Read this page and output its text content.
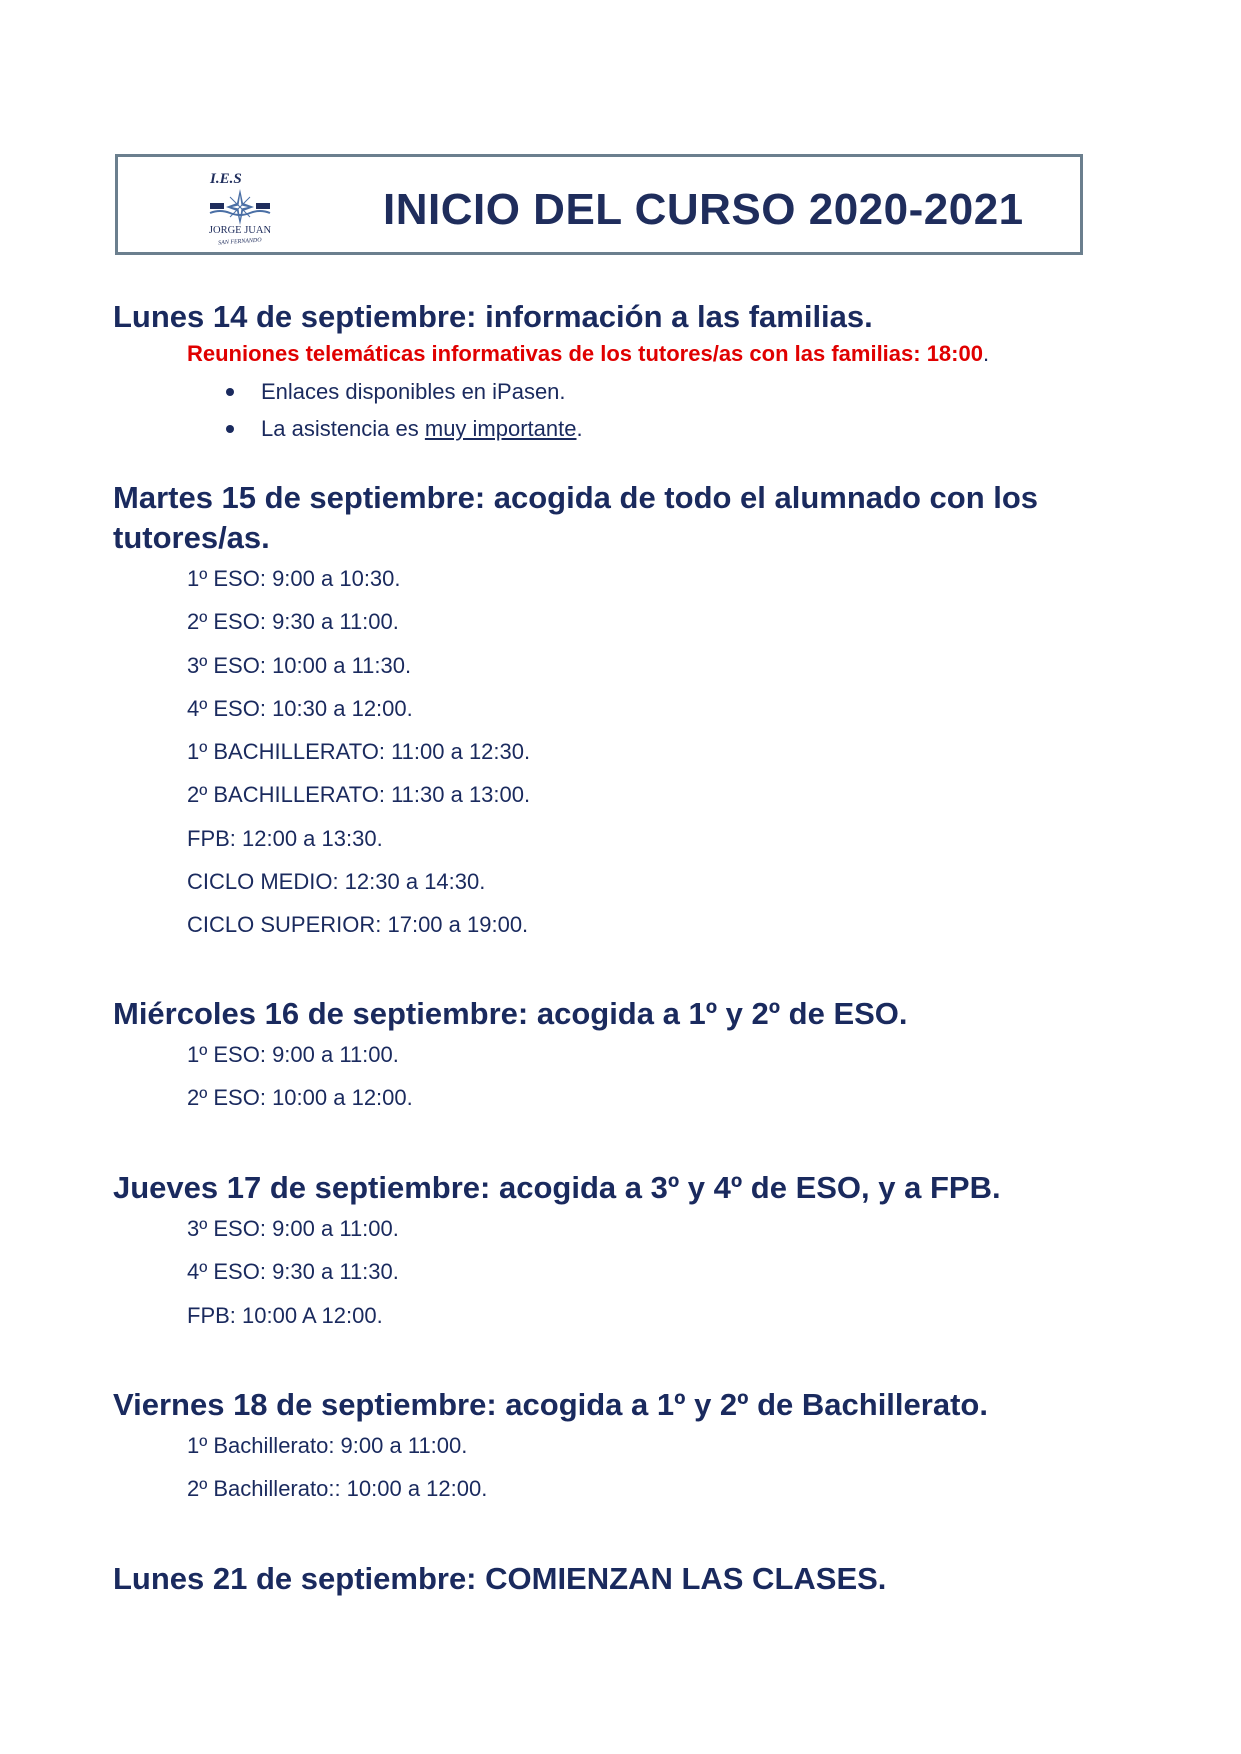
I.E.S
JORGE JUAN
SAN FERNANDO
INICIO DEL CURSO 2020-2021
Lunes 14 de septiembre: información a las familias.
Reuniones telemáticas informativas de los tutores/as con las familias: 18:00.
Enlaces disponibles en iPasen.
La asistencia es muy importante.
Martes 15 de septiembre: acogida de todo el alumnado con los
tutores/as.
1º ESO: 9:00 a 10:30.
2º ESO: 9:30 a 11:00.
3º ESO: 10:00 a 11:30.
4º ESO: 10:30 a 12:00.
1º BACHILLERATO: 11:00 a 12:30.
2º BACHILLERATO: 11:30 a 13:00.
FPB: 12:00 a 13:30.
CICLO MEDIO: 12:30 a 14:30.
CICLO SUPERIOR: 17:00 a 19:00.
Miércoles 16 de septiembre: acogida a 1º y 2º de ESO.
1º ESO: 9:00 a 11:00.
2º ESO: 10:00 a 12:00.
Jueves 17 de septiembre: acogida a 3º y 4º de ESO, y a FPB.
3º ESO: 9:00 a 11:00.
4º ESO: 9:30 a 11:30.
FPB: 10:00 A 12:00.
Viernes 18 de septiembre: acogida a 1º y 2º de Bachillerato.
1º Bachillerato: 9:00 a 11:00.
2º Bachillerato:: 10:00 a 12:00.
Lunes 21 de septiembre: COMIENZAN LAS CLASES.
